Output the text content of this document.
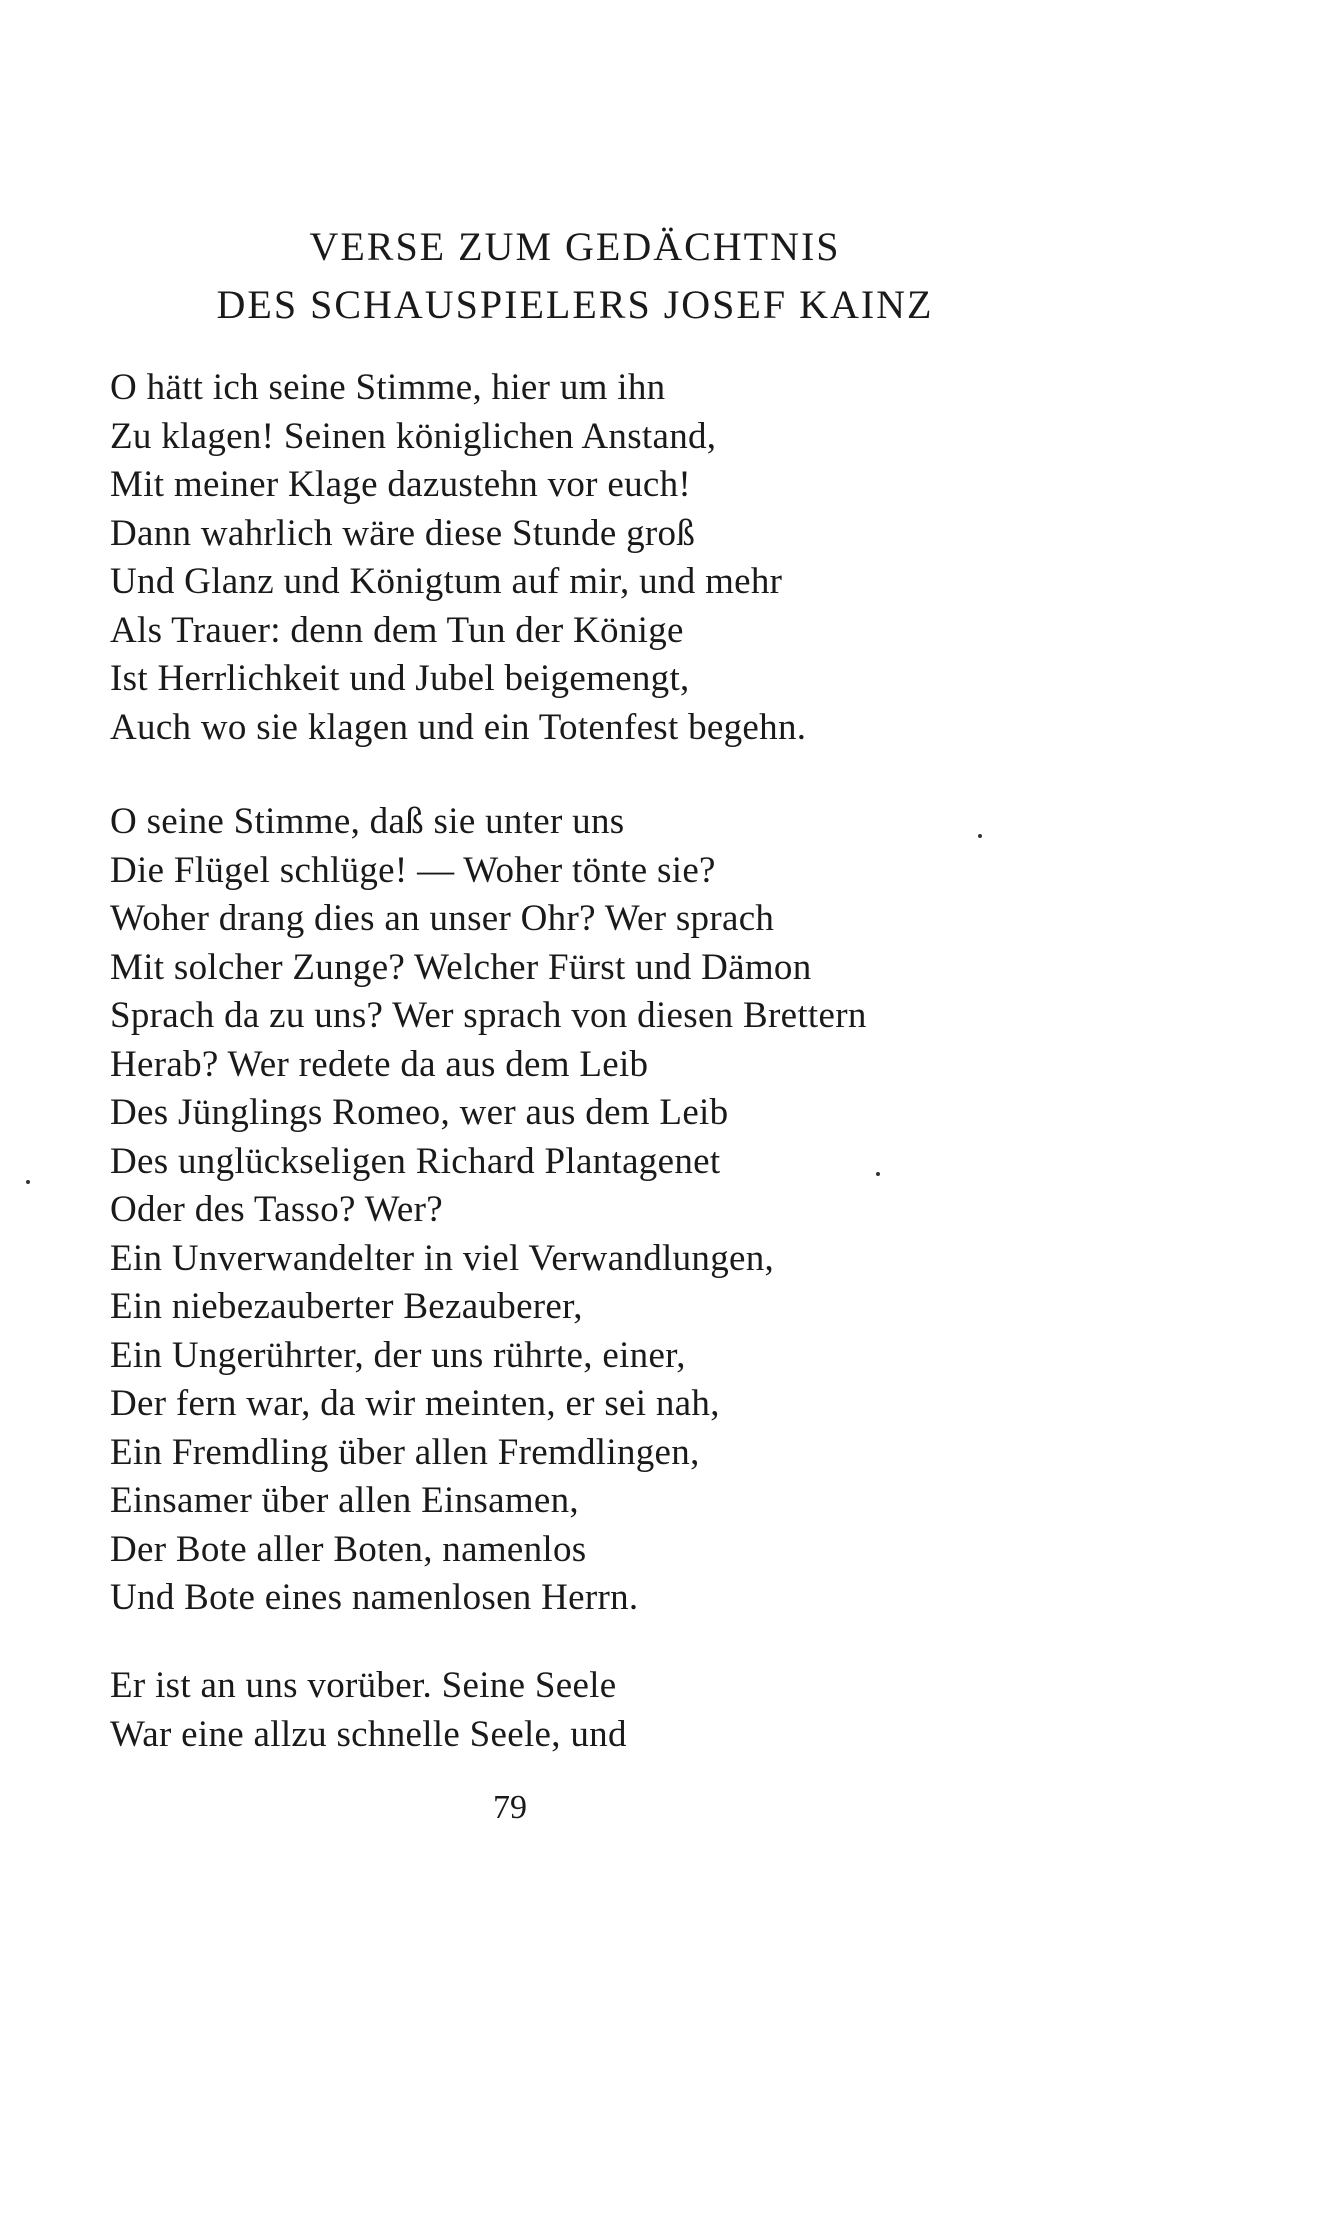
VERSE ZUM GEDÄCHTNIS
DES SCHAUSPIELERS JOSEF KAINZ
O hätt ich seine Stimme, hier um ihn
Zu klagen! Seinen königlichen Anstand,
Mit meiner Klage dazustehn vor euch!
Dann wahrlich wäre diese Stunde groß
Und Glanz und Königtum auf mir, und mehr
Als Trauer: denn dem Tun der Könige
Ist Herrlichkeit und Jubel beigemengt,
Auch wo sie klagen und ein Totenfest begehn.
O seine Stimme, daß sie unter uns
Die Flügel schlüge! — Woher tönte sie?
Woher drang dies an unser Ohr? Wer sprach
Mit solcher Zunge? Welcher Fürst und Dämon
Sprach da zu uns? Wer sprach von diesen Brettern
Herab? Wer redete da aus dem Leib
Des Jünglings Romeo, wer aus dem Leib
Des unglückseligen Richard Plantagenet
Oder des Tasso? Wer?
Ein Unverwandelter in viel Verwandlungen,
Ein niebezauberter Bezauberer,
Ein Ungerührter, der uns rührte, einer,
Der fern war, da wir meinten, er sei nah,
Ein Fremdling über allen Fremdlingen,
Einsamer über allen Einsamen,
Der Bote aller Boten, namenlos
Und Bote eines namenlosen Herrn.
Er ist an uns vorüber. Seine Seele
War eine allzu schnelle Seele, und
79
